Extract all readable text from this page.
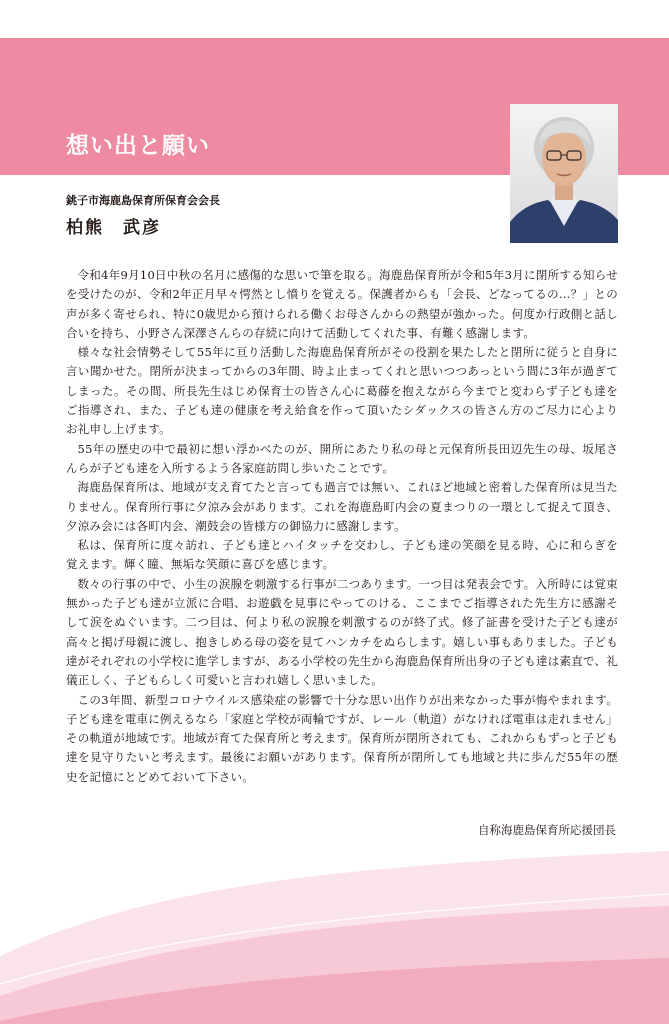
想い出と願い
銚子市海鹿島保育所保育会会長
柏熊　武彦

令和4年9月10日中秋の名月に感傷的な思いで筆を取る。海鹿島保育所が令和5年3月に閉所する知らせを受けたのが、令和2年正月早々愕然とし憤りを覚える。保護者からも「会長、どなってるの…？」との声が多く寄せられ、特に0歳児から預けられる働くお母さんからの熱望が強かった。何度か行政側と話し合いを持ち、小野さん深澤さんらの存続に向けて活動してくれた事、有難く感謝します。

様々な社会情勢そして55年に亘り活動した海鹿島保育所がその役割を果たしたと閉所に従うと自身に言い聞かせた。閉所が決まってからの3年間、時よ止まってくれと思いつつあっという間に3年が過ぎてしまった。その間、所長先生はじめ保育士の皆さん心に葛藤を抱えながら今までと変わらず子ども達をご指導され、また、子ども達の健康を考え給食を作って頂いたシダックスの皆さん方のご尽力に心よりお礼申し上げます。

55年の歴史の中で最初に想い浮かべたのが、開所にあたり私の母と元保育所長田辺先生の母、坂尾さんらが子ども達を入所するよう各家庭訪問し歩いたことです。

海鹿島保育所は、地域が支え育てたと言っても過言では無い、これほど地域と密着した保育所は見当たりません。保育所行事に夕涼み会があります。これを海鹿島町内会の夏まつりの一環として捉えて頂き、夕涼み会には各町内会、潮鼓会の皆様方の御協力に感謝します。

私は、保育所に度々訪れ、子ども達とハイタッチを交わし、子ども達の笑顔を見る時、心に和らぎを覚えます。輝く瞳、無垢な笑顔に喜びを感じます。

数々の行事の中で、小生の涙腺を刺激する行事が二つあります。一つ目は発表会です。入所時には覚束無かった子ども達が立派に合唱、お遊戯を見事にやってのける、ここまでご指導された先生方に感謝そして涙をぬぐいます。二つ目は、何より私の涙腺を刺激するのが終了式。修了証書を受けた子ども達が高々と掲げ母親に渡し、抱きしめる母の姿を見てハンカチをぬらします。嬉しい事もありました。子ども達がそれぞれの小学校に進学しますが、ある小学校の先生から海鹿島保育所出身の子ども達は素直で、礼儀正しく、子どもらしく可愛いと言われ嬉しく思いました。

この3年間、新型コロナウイルス感染症の影響で十分な思い出作りが出来なかった事が悔やまれます。子ども達を電車に例えるなら「家庭と学校が両輪ですが、レール（軌道）がなければ電車は走れません」その軌道が地域です。地域が育てた保育所と考えます。保育所が閉所されても、これからもずっと子ども達を見守りたいと考えます。最後にお願いがあります。保育所が閉所しても地域と共に歩んだ55年の歴史を記憶にとどめておいて下さい。

自称海鹿島保育所応援団長
